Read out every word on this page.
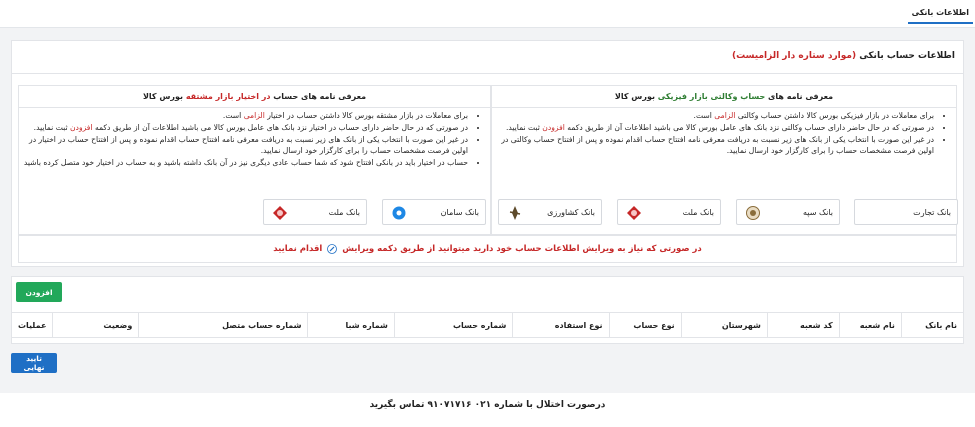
اطلاعات بانکی
اطلاعات حساب بانکی (موارد ستاره دار الزامیست)
معرفی نامه های حساب وکالتی بازار فیزیکی بورس کالا
• برای معاملات در بازار فیزیکی بورس کالا داشتن حساب وکالتی الزامی است.
• در صورتی که در حال حاضر دارای حساب وکالتی نزد بانک های عامل بورس کالا می باشید اطلاعات آن از طریق دکمه افزودن ثبت نمایید.
• در غیر این صورت با انتخاب یکی از بانک های زیر نسبت به دریافت معرفی نامه افتتاح حساب اقدام نموده و پس از افتتاح حساب وکالتی در اولین فرصت مشخصات حساب را برای کارگزار خود ارسال نمایید.
معرفی نامه های حساب در اختیار بازار مشتقه بورس کالا
• برای معاملات در بازار مشتقه بورس کالا داشتن حساب در اختیار الزامی است.
• در صورتی که در حال حاضر دارای حساب در اختیار نزد بانک های عامل بورس کالا می باشید اطلاعات آن از طریق دکمه افزودن ثبت نمایید.
• در غیر این صورت با انتخاب یکی از بانک های زیر نسبت به دریافت معرفی نامه افتتاح حساب اقدام نموده و پس از افتتاح حساب در اختیار در اولین فرصت مشخصات حساب را برای کارگزار خود ارسال نمایید.
• حساب در اختیار باید در بانکی افتتاح شود که شما حساب عادی دیگری نیز در آن بانک داشته باشید و به حساب در اختیار خود متصل کرده باشید
بانک تجارت
بانک سپه
بانک ملت
بانک کشاورزی
بانک سامان
بانک ملت
در صورتی که نیاز به ویرایش اطلاعات حساب خود دارید میتوانید از طریق دکمه ویرایش  اقدام نمایید
افزودن
نام بانک	نام شعبه	کد شعبه	شهرستان	نوع حساب	نوع استفاده	شماره حساب	شماره شبا	شماره حساب متصل	وضعیت	عملیات
تایید نهایی
درصورت اختلال با شماره ۰۲۱ ۹۱۰۷۱۷۱۶ تماس بگیرید
